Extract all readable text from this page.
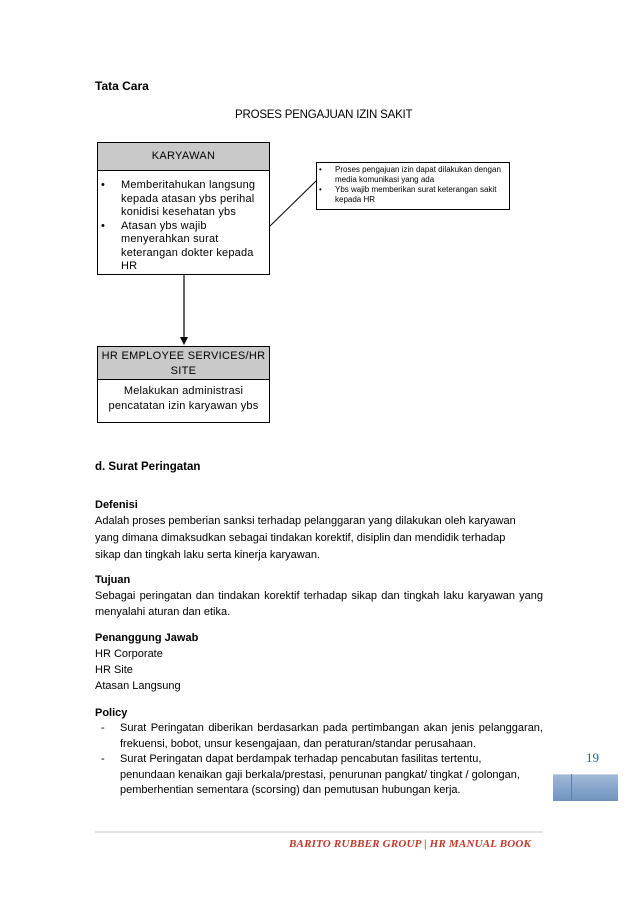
Tata Cara
PROSES PENGAJUAN IZIN SAKIT
KARYAWAN
• Memberitahukan langsung kepada atasan ybs perihal konidisi kesehatan ybs
• Atasan ybs wajib menyerahkan surat keterangan dokter kepada HR
• Proses pengajuan izin dapat dilakukan dengan media komunikasi yang ada
• Ybs wajib memberikan surat keterangan sakit kepada HR
HR EMPLOYEE SERVICES/HR SITE
Melakukan administrasi pencatatan izin karyawan ybs
d. Surat Peringatan
Defenisi
Adalah proses pemberian sanksi terhadap pelanggaran yang dilakukan oleh karyawan yang dimana dimaksudkan sebagai tindakan korektif, disiplin dan mendidik terhadap sikap dan tingkah laku serta kinerja karyawan.
Tujuan
Sebagai peringatan dan tindakan korektif terhadap sikap dan tingkah laku karyawan yang menyalahi aturan dan etika.
Penanggung Jawab
HR Corporate
HR Site
Atasan Langsung
Policy
- Surat Peringatan diberikan berdasarkan pada pertimbangan akan jenis pelanggaran, frekuensi, bobot, unsur kesengajaan, dan peraturan/standar perusahaan.
- Surat Peringatan dapat berdampak terhadap pencabutan fasilitas tertentu, penundaan kenaikan gaji berkala/prestasi, penurunan pangkat/ tingkat / golongan, pemberhentian sementara (scorsing) dan pemutusan hubungan kerja.
19
BARITO RUBBER GROUP | HR MANUAL BOOK
